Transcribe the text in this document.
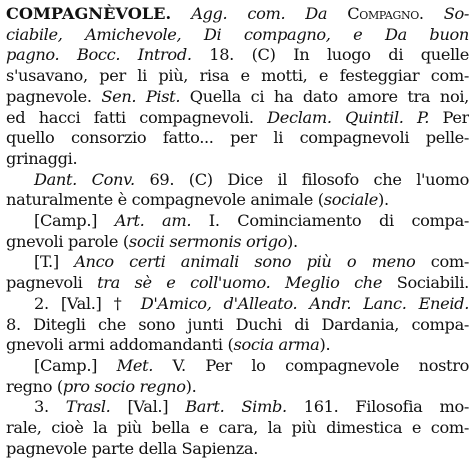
COMPAGNÈVOLE. Agg. com. Da Compagno. So-
ciabile, Amichevole, Di compagno, e Da buon
pagno. Bocc. Introd. 18. (C) In luogo di quelle
s'usavano, per li più, risa e motti, e festeggiar com-
pagnevole. Sen. Pist. Quella ci ha dato amore tra noi,
ed hacci fatti compagnevoli. Declam. Quintil. P. Per
quello consorzio fatto... per li compagnevoli pelle-
grinaggi.
Dant. Conv. 69. (C) Dice il filosofo che l'uomo
naturalmente è compagnevole animale (sociale).
[Camp.] Art. am. I. Cominciamento di compa-
gnevoli parole (socii sermonis origo).
[T.] Anco certi animali sono più o meno com-
pagnevoli tra sè e coll'uomo. Meglio che Sociabili.
2. [Val.] † D'Amico, d'Alleato. Andr. Lanc. Eneid.
8. Ditegli che sono junti Duchi di Dardania, compa-
gnevoli armi addomandanti (socia arma).
[Camp.] Met. V. Per lo compagnevole nostro
regno (pro socio regno).
3. Trasl. [Val.] Bart. Simb. 161. Filosofia mo-
rale, cioè la più bella e cara, la più dimestica e com-
pagnevole parte della Sapienza.
